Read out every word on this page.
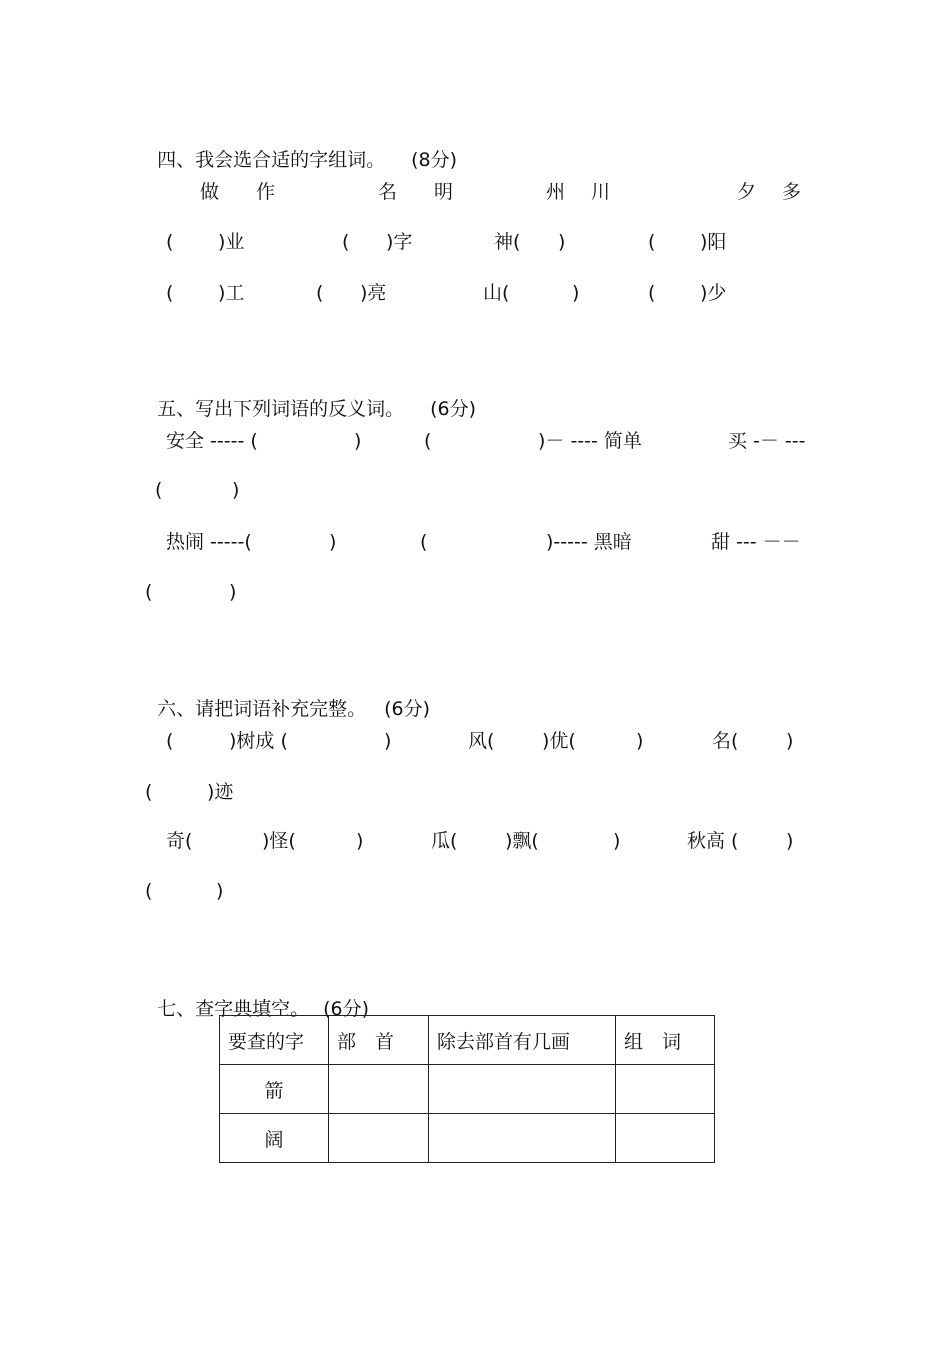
四、我会选合适的字组词。 (8分)

做 作	名 明	州 川	夕 多
( )业	( )字	神( )	( )阳
( )工	( )亮	山(	)	( )少

五、写出下列词语的反义词。 (6分)

安全 ----- (	)	(	)－ ---- 简单	买 -－ ---
(	)
热闹 -----(	)	(	)----- 黑暗	甜 --- －－
(	)

六、请把词语补充完整。 (6分)

(	)树成 (	)	风(	)优(	)	名(	)
(	)迹
奇(	)怪(	)	瓜(	)飘(	)	秋高 (	)
(	)

七、查字典填空。 (6分)

要查的字	部　首	除去部首有几画	组　词
箭			
阔			
